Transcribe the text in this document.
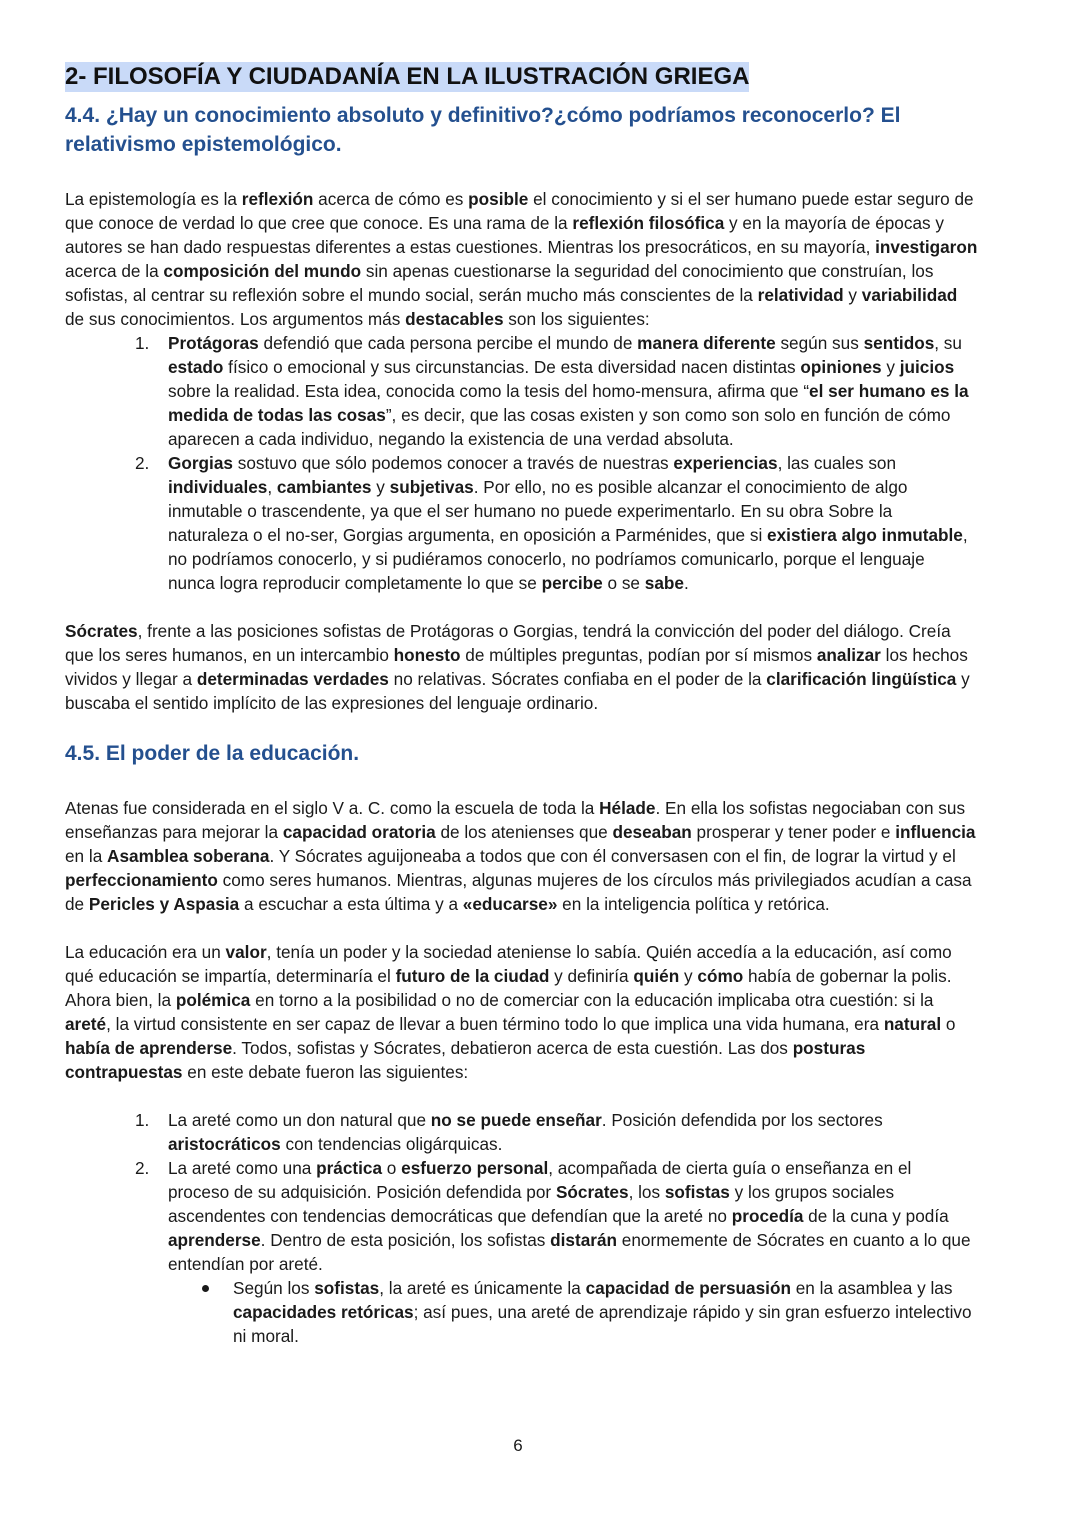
2- FILOSOFÍA Y CIUDADANÍA EN LA ILUSTRACIÓN GRIEGA
4.4. ¿Hay un conocimiento absoluto y definitivo?¿cómo podríamos reconocerlo? El relativismo epistemológico.

La epistemología es la reflexión acerca de cómo es posible el conocimiento y si el ser humano puede estar seguro de que conoce de verdad lo que cree que conoce. Es una rama de la reflexión filosófica y en la mayoría de épocas y autores se han dado respuestas diferentes a estas cuestiones. Mientras los presocráticos, en su mayoría, investigaron acerca de la composición del mundo sin apenas cuestionarse la seguridad del conocimiento que construían, los sofistas, al centrar su reflexión sobre el mundo social, serán mucho más conscientes de la relatividad y variabilidad de sus conocimientos. Los argumentos más destacables son los siguientes:

1. Protágoras defendió que cada persona percibe el mundo de manera diferente según sus sentidos, su estado físico o emocional y sus circunstancias. De esta diversidad nacen distintas opiniones y juicios sobre la realidad. Esta idea, conocida como la tesis del homo-mensura, afirma que “el ser humano es la medida de todas las cosas”, es decir, que las cosas existen y son como son solo en función de cómo aparecen a cada individuo, negando la existencia de una verdad absoluta.
2. Gorgias sostuvo que sólo podemos conocer a través de nuestras experiencias, las cuales son individuales, cambiantes y subjetivas. Por ello, no es posible alcanzar el conocimiento de algo inmutable o trascendente, ya que el ser humano no puede experimentarlo. En su obra Sobre la naturaleza o el no-ser, Gorgias argumenta, en oposición a Parménides, que si existiera algo inmutable, no podríamos conocerlo, y si pudiéramos conocerlo, no podríamos comunicarlo, porque el lenguaje nunca logra reproducir completamente lo que se percibe o se sabe.

Sócrates, frente a las posiciones sofistas de Protágoras o Gorgias, tendrá la convicción del poder del diálogo. Creía que los seres humanos, en un intercambio honesto de múltiples preguntas, podían por sí mismos analizar los hechos vividos y llegar a determinadas verdades no relativas. Sócrates confiaba en el poder de la clarificación lingüística y buscaba el sentido implícito de las expresiones del lenguaje ordinario.

4.5. El poder de la educación.

Atenas fue considerada en el siglo V a. C. como la escuela de toda la Hélade. En ella los sofistas negociaban con sus enseñanzas para mejorar la capacidad oratoria de los atenienses que deseaban prosperar y tener poder e influencia en la Asamblea soberana. Y Sócrates aguijoneaba a todos que con él conversasen con el fin, de lograr la virtud y el perfeccionamiento como seres humanos. Mientras, algunas mujeres de los círculos más privilegiados acudían a casa de Pericles y Aspasia a escuchar a esta última y a «educarse» en la inteligencia política y retórica.

La educación era un valor, tenía un poder y la sociedad ateniense lo sabía. Quién accedía a la educación, así como qué educación se impartía, determinaría el futuro de la ciudad y definiría quién y cómo había de gobernar la polis. Ahora bien, la polémica en torno a la posibilidad o no de comerciar con la educación implicaba otra cuestión: si la areté, la virtud consistente en ser capaz de llevar a buen término todo lo que implica una vida humana, era natural o había de aprenderse. Todos, sofistas y Sócrates, debatieron acerca de esta cuestión. Las dos posturas contrapuestas en este debate fueron las siguientes:

1. La areté como un don natural que no se puede enseñar. Posición defendida por los sectores aristocráticos con tendencias oligárquicas.
2. La areté como una práctica o esfuerzo personal, acompañada de cierta guía o enseñanza en el proceso de su adquisición. Posición defendida por Sócrates, los sofistas y los grupos sociales ascendentes con tendencias democráticas que defendían que la areté no procedía de la cuna y podía aprenderse. Dentro de esta posición, los sofistas distarán enormemente de Sócrates en cuanto a lo que entendían por areté.
Según los sofistas, la areté es únicamente la capacidad de persuasión en la asamblea y las capacidades retóricas; así pues, una areté de aprendizaje rápido y sin gran esfuerzo intelectivo ni moral.
6
